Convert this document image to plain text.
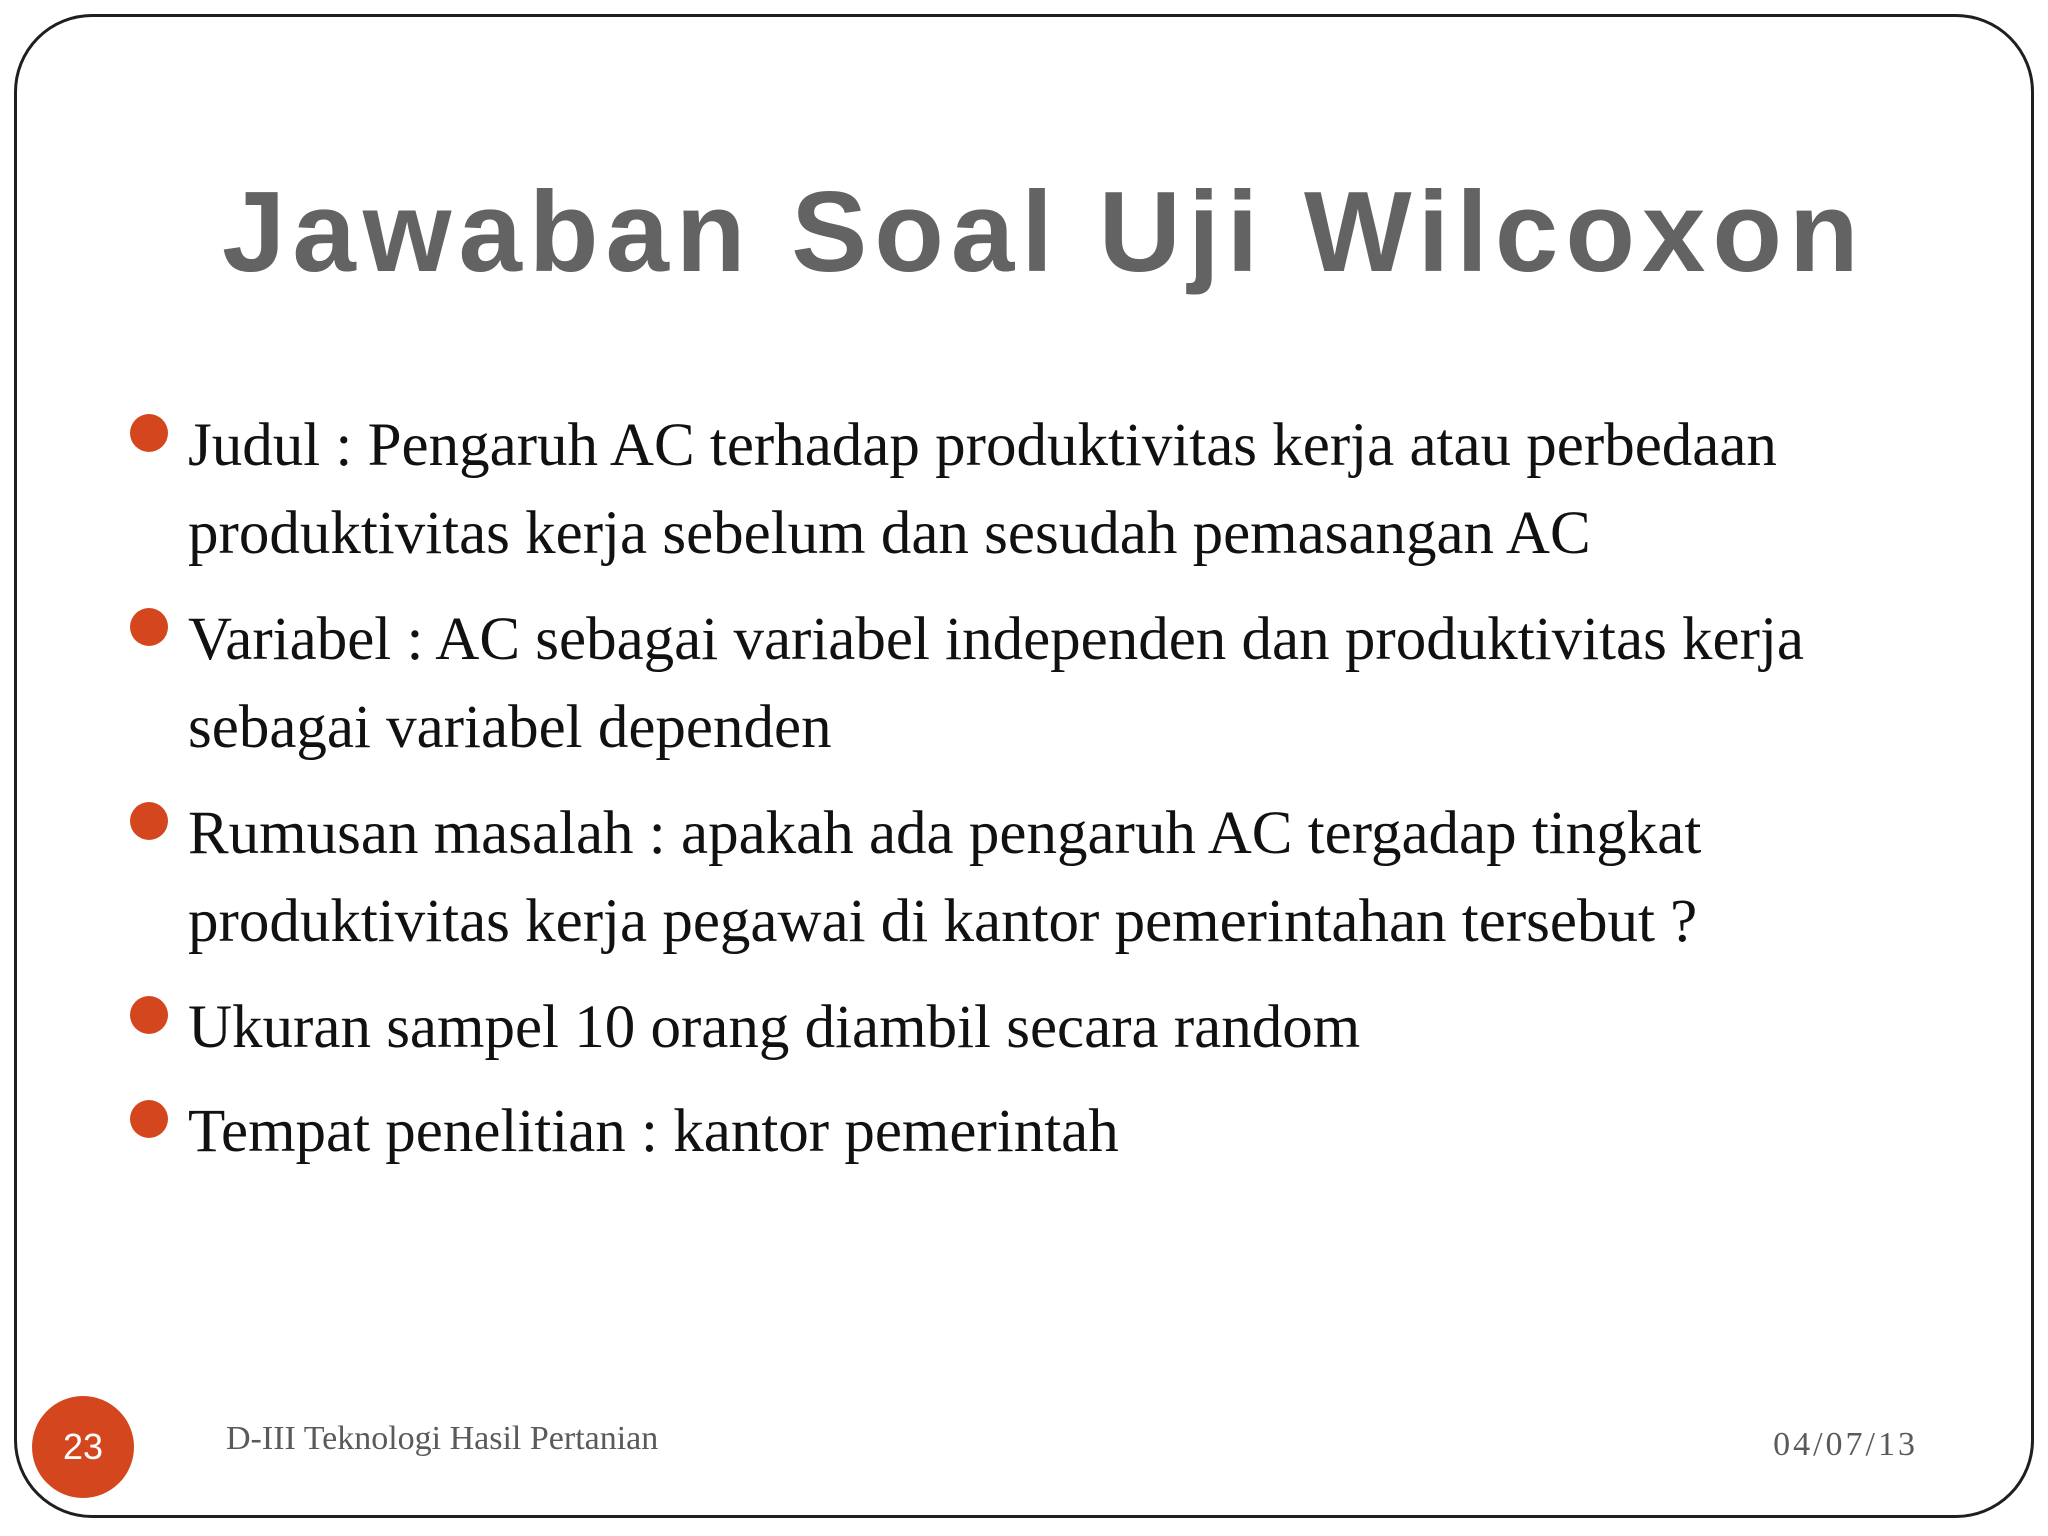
Jawaban Soal Uji Wilcoxon
Judul : Pengaruh AC terhadap produktivitas kerja atau perbedaan produktivitas kerja sebelum dan sesudah pemasangan AC
Variabel : AC sebagai variabel independen dan produktivitas kerja sebagai variabel dependen
Rumusan masalah : apakah ada pengaruh AC tergadap tingkat produktivitas kerja pegawai di kantor pemerintahan tersebut ?
Ukuran sampel 10 orang diambil secara random
Tempat penelitian : kantor pemerintah
23	D-III Teknologi Hasil Pertanian	04/07/13
